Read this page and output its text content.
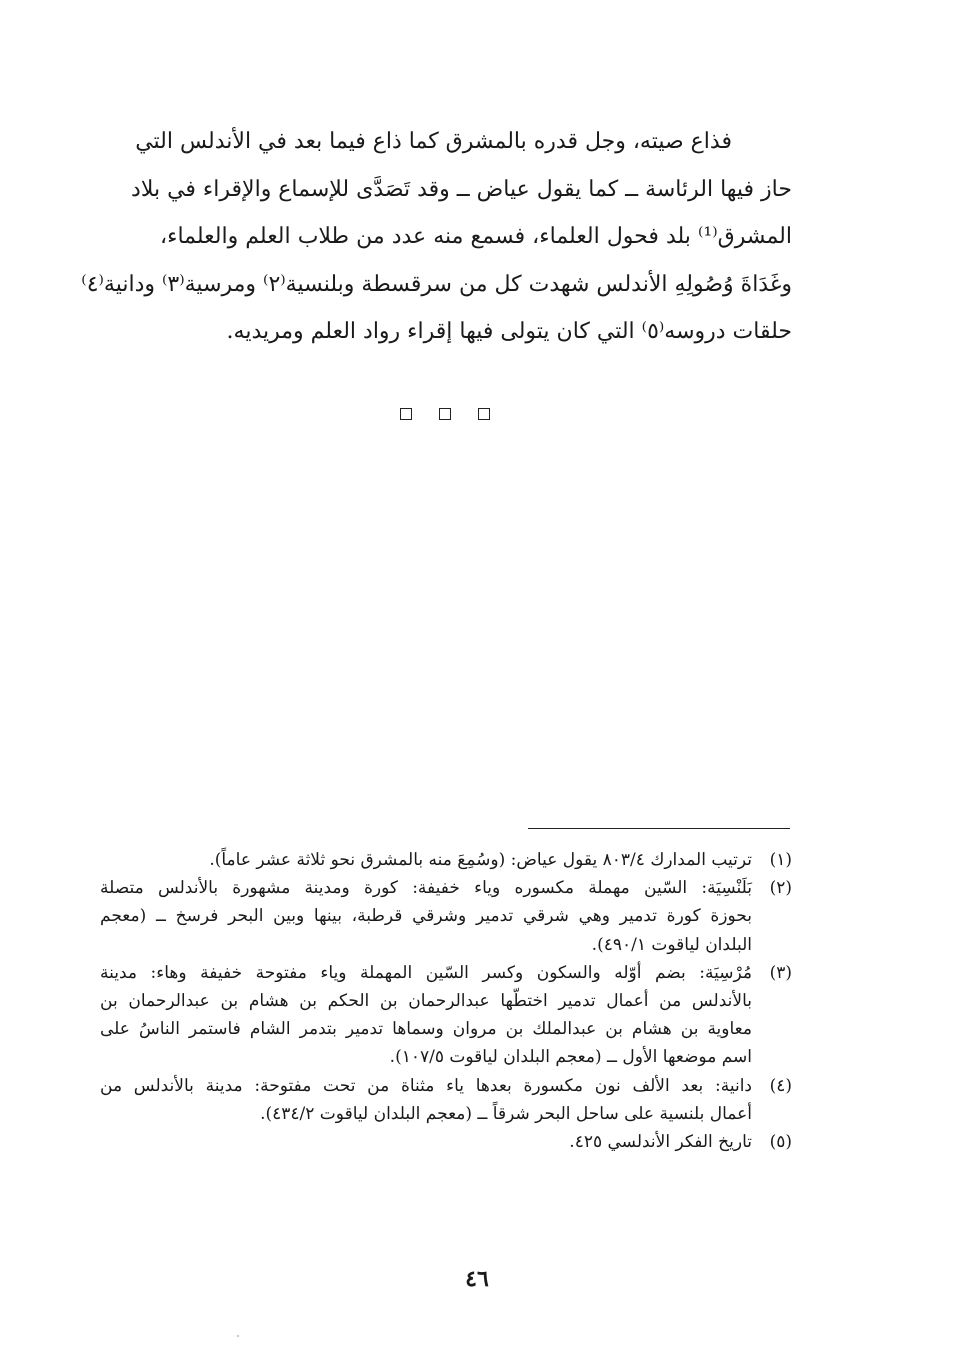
فذاع صيته، وجل قدره بالمشرق كما ذاع فيما بعد في الأندلس التي
حاز فيها الرئاسة ــ كما يقول عياض ــ وقد تَصَدَّى للإسماع والإقراء في بلاد
المشرق⁽¹⁾ بلد فحول العلماء، فسمع منه عدد من طلاب العلم والعلماء،
وغَدَاةَ وُصُولِهِ الأندلس شهدت كل من سرقسطة وبلنسية⁽٢⁾ ومرسية⁽٣⁾ ودانية⁽٤⁾
حلقات دروسه⁽٥⁾ التي كان يتولى فيها إقراء رواد العلم ومريديه.
(١)
ترتيب المدارك ٨٠٣/٤ يقول عياض: (وسُمِعَ منه بالمشرق نحو ثلاثة عشر عاماً).
(٢)
بَلَنْسِيَة: السّين مهملة مكسوره وياء خفيفة: كورة ومدينة مشهورة بالأندلس متصلة
بحوزة كورة تدمير وهي شرقي تدمير وشرقي قرطبة، بينها وبين البحر فرسخ ــ (معجم
البلدان لياقوت ٤٩٠/١).
(٣)
مُرْسِيَة: بضم أوّله والسكون وكسر السّين المهملة وياء مفتوحة خفيفة وهاء: مدينة
بالأندلس من أعمال تدمير اختطّها عبدالرحمان بن الحكم بن هشام بن عبدالرحمان بن
معاوية بن هشام بن عبدالملك بن مروان وسماها تدمير بتدمر الشام فاستمر الناسُ على
اسم موضعها الأول ــ (معجم البلدان لياقوت ١٠٧/٥).
(٤)
دانية: بعد الألف نون مكسورة بعدها ياء مثناة من تحت مفتوحة: مدينة بالأندلس من
أعمال بلنسية على ساحل البحر شرقاً ــ (معجم البلدان لياقوت ٤٣٤/٢).
(٥)
تاريخ الفكر الأندلسي ٤٢٥.
٤٦
